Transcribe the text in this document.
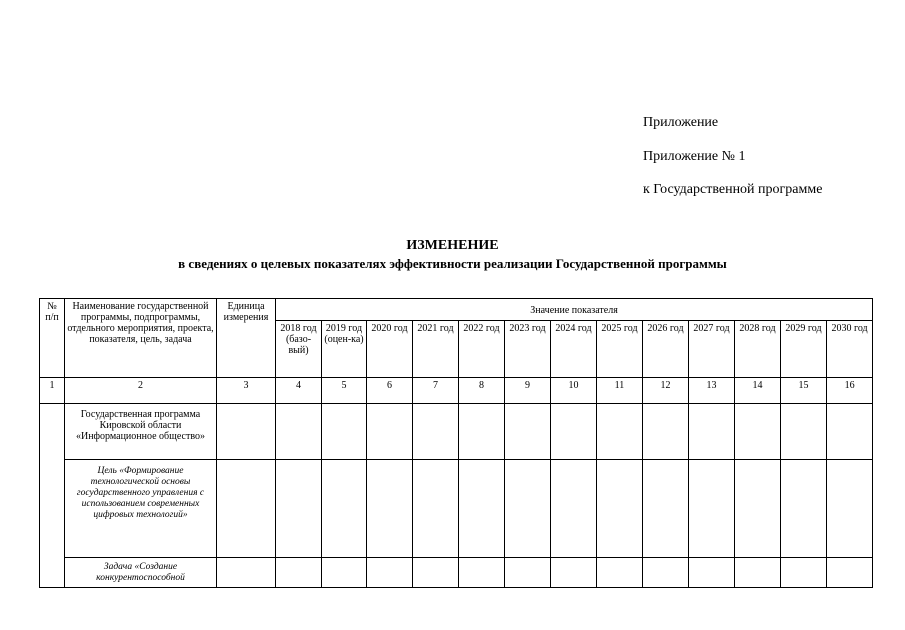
Приложение
Приложение № 1
к Государственной программе
ИЗМЕНЕНИЕ
в сведениях о целевых показателях эффективности реализации Государственной программы
№ п/п	Наименование государственной программы, подпрограммы, отдельного мероприятия, проекта, показателя, цель, задача	Единица измерения	Значение показателя												
			2018 год (базо-вый)	2019 год (оцен-ка)	2020 год	2021 год	2022 год	2023 год	2024 год	2025 год	2026 год	2027 год	2028 год	2029 год	2030 год
1	2	3	4	5	6	7	8	9	10	11	12	13	14	15	16
	Государственная программа Кировской области «Информационное общество»														
	Цель «Формирование технологической основы государственного управления с использованием современных цифровых технологий»														
	Задача «Создание конкурентоспособной														
